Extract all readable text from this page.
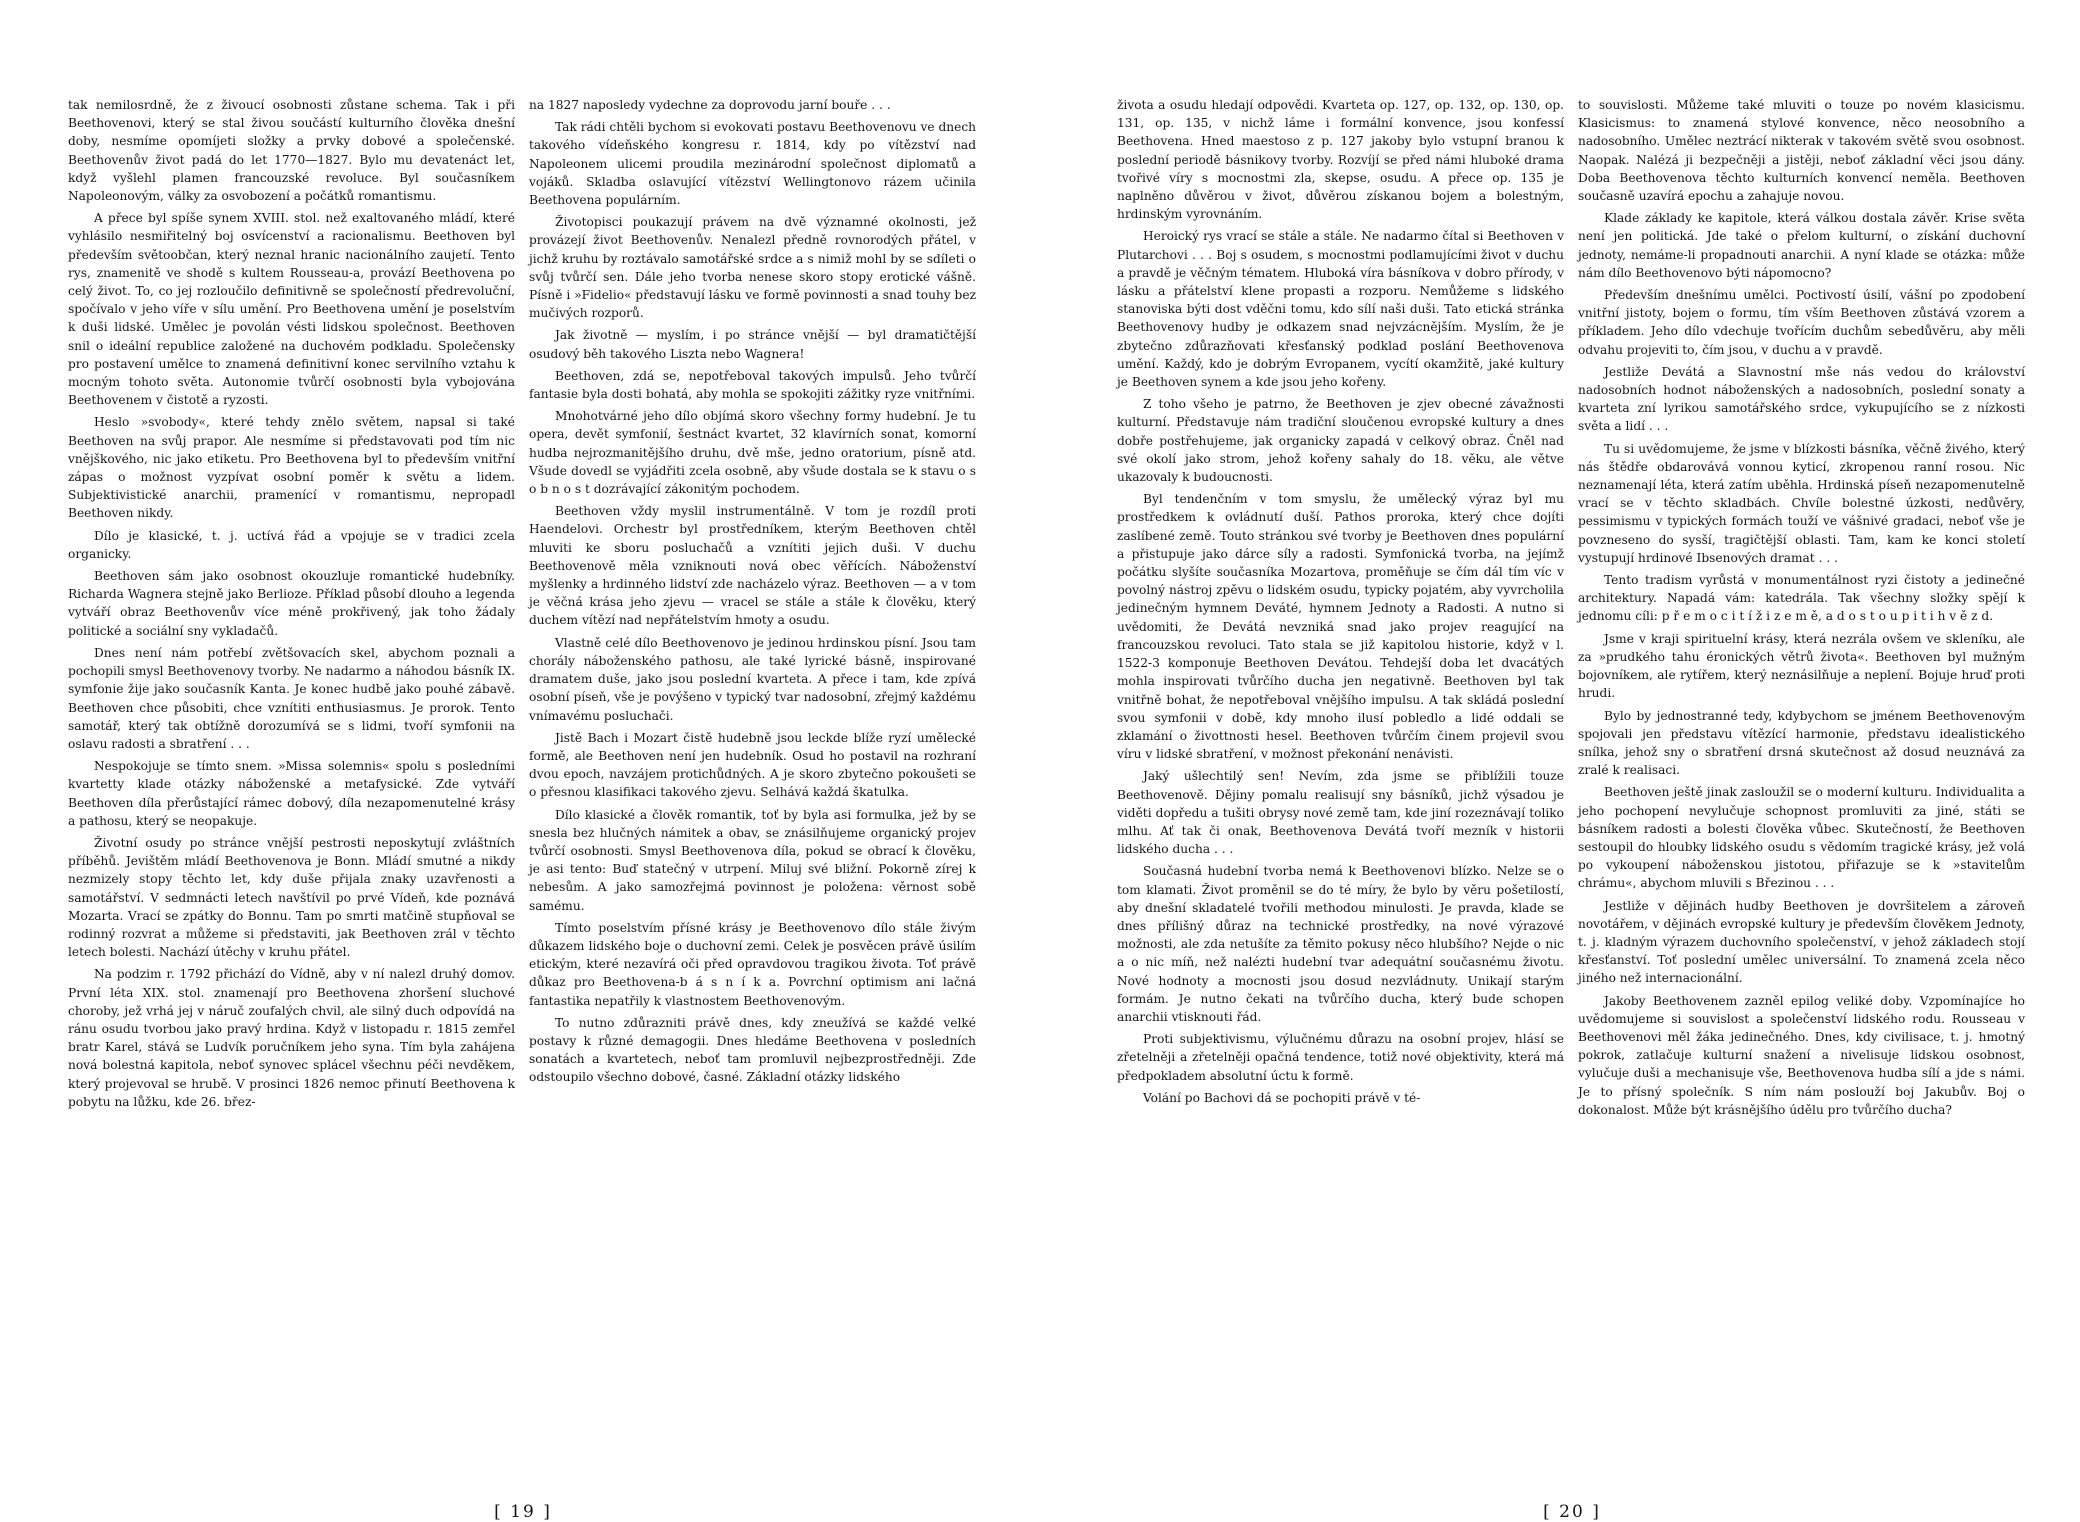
tak nemilosrdně, že z živoucí osobnosti zůstane schema. Tak i při Beethovenovi, který se stal živou součástí kulturního člověka dnešní doby, nesmíme opomíjeti složky a prvky dobové a společenské. Beethovenův život padá do let 1770—1827. Bylo mu devatenáct let, když vyšlehl plamen francouzské revoluce. Byl současníkem Napoleonovým, války za osvobození a počátků romantismu.

A přece byl spíše synem XVIII. stol. než exaltovaného mládí, které vyhlásilo nesmiřitelný boj osvícenství a racionalismu. Beethoven byl především světoobčan, který neznal hranic nacionálního zaujetí. Tento rys, znamenitě ve shodě s kultem Rousseau-a, provází Beethovena po celý život. To, co jej rozloučilo definitivně se společností předrevoluční, spočívalo v jeho víře v sílu umění. Pro Beethovena umění je poselstvím k duši lidské. Umělec je povolán vésti lidskou společnost. Beethoven snil o ideální republice založené na duchovém podkladu. Společensky pro postavení umělce to znamená definitivní konec servilního vztahu k mocným tohoto světa. Autonomie tvůrčí osobnosti byla vybojována Beethovenem v čistotě a ryzosti.

Heslo »svobody«, které tehdy znělo světem, napsal si také Beethoven na svůj prapor. Ale nesmíme si představovati pod tím nic vnějškového, nic jako etiketu. Pro Beethovena byl to především vnitřní zápas o možnost vyzpívat osobní poměr k světu a lidem. Subjektivistické anarchii, pramenící v romantismu, nepropadl Beethoven nikdy.

Dílo je klasické, t. j. uctívá řád a vpojuje se v tradici zcela organicky.

Beethoven sám jako osobnost okouzluje romantické hudebníky. Richarda Wagnera stejně jako Berlioze. Příklad působí dlouho a legenda vytváří obraz Beethovenův více méně prokřivený, jak toho žádaly politické a sociální sny vykladačů.

Dnes není nám potřebí zvětšovacích skel, abychom poznali a pochopili smysl Beethovenovy tvorby. Ne nadarmo a náhodou básník IX. symfonie žije jako současník Kanta. Je konec hudbě jako pouhé zábavě. Beethoven chce působiti, chce vznítiti enthusiasmus. Je prorok. Tento samotář, který tak obtížně dorozumívá se s lidmi, tvoří symfonii na oslavu radosti a sbratření . . .

Nespokojuje se tímto snem. »Missa solemnis« spolu s posledními kvartetty klade otázky náboženské a metafysické. Zde vytváří Beethoven díla přerůstající rámec dobový, díla nezapomenutelné krásy a pathosu, který se neopakuje.

Životní osudy po stránce vnější pestrosti neposkytují zvláštních příběhů. Jevištěm mládí Beethovenova je Bonn. Mládí smutné a nikdy nezmizely stopy těchto let, kdy duše přijala znaky uzavřenosti a samotářství. V sedmnácti letech navštívil po prvé Vídeň, kde poznává Mozarta. Vrací se zpátky do Bonnu. Tam po smrti matčině stupňoval se rodinný rozvrat a můžeme si představiti, jak Beethoven zrál v těchto letech bolesti. Nachází útěchy v kruhu přátel.

Na podzim r. 1792 přichází do Vídně, aby v ní nalezl druhý domov. První léta XIX. stol. znamenají pro Beethovena zhoršení sluchové choroby, jež vrhá jej v náruč zoufalých chvil, ale silný duch odpovídá na ránu osudu tvorbou jako pravý hrdina. Když v listopadu r. 1815 zemřel bratr Karel, stává se Ludvík poručníkem jeho syna. Tím byla zahájena nová bolestná kapitola, neboť synovec splácel všechnu péči nevděkem, který projevoval se hrubě. V prosinci 1826 nemoc přinutí Beethovena k pobytu na lůžku, kde 26. břez-

na 1827 naposledy vydechne za doprovodu jarní bouře . . .

Tak rádi chtěli bychom si evokovati postavu Beethovenovu ve dnech takového vídeňského kongresu r. 1814, kdy po vítězství nad Napoleonem ulicemi proudila mezinárodní společnost diplomatů a vojáků. Skladba oslavující vítězství Wellingtonovo rázem učinila Beethovena populárním.

Životopisci poukazují právem na dvě významné okolnosti, jež provázejí život Beethovenův. Nenalezl předně rovnorodých přátel, v jichž kruhu by roztávalo samotářské srdce a s nimiž mohl by se sdíleti o svůj tvůrčí sen. Dále jeho tvorba nenese skoro stopy erotické vášně. Písně i »Fidelio« představují lásku ve formě povinnosti a snad touhy bez mučivých rozporů.

Jak životně — myslím, i po stránce vnější — byl dramatičtější osudový běh takového Liszta nebo Wagnera!

Beethoven, zdá se, nepotřeboval takových impulsů. Jeho tvůrčí fantasie byla dosti bohatá, aby mohla se spokojiti zážitky ryze vnitřními.

Mnohotvárné jeho dílo objímá skoro všechny formy hudební. Je tu opera, devět symfonií, šestnáct kvartet, 32 klavírních sonat, komorní hudba nejrozmanitějšího druhu, dvě mše, jedno oratorium, písně atd. Všude dovedl se vyjádřiti zcela osobně, aby všude dostala se k stavu o s o b n o s t dozrávající zákonitým pochodem.

Beethoven vždy myslil instrumentálně. V tom je rozdíl proti Haendelovi. Orchestr byl prostředníkem, kterým Beethoven chtěl mluviti ke sboru posluchačů a vznítiti jejich duši. V duchu Beethovenově měla vzniknouti nová obec věřících. Náboženství myšlenky a hrdinného lidství zde nacházelo výraz. Beethoven — a v tom je věčná krása jeho zjevu — vracel se stále a stále k člověku, který duchem vítězí nad nepřátelstvím hmoty a osudu.

Vlastně celé dílo Beethovenovo je jedinou hrdinskou písní. Jsou tam chorály náboženského pathosu, ale také lyrické básně, inspirované dramatem duše, jako jsou poslední kvarteta. A přece i tam, kde zpívá osobní píseň, vše je povýšeno v typický tvar nadosobní, zřejmý každému vnímavému posluchači.

Jistě Bach i Mozart čistě hudebně jsou leckde blíže ryzí umělecké formě, ale Beethoven není jen hudebník. Osud ho postavil na rozhraní dvou epoch, navzájem protichůdných. A je skoro zbytečno pokoušeti se o přesnou klasifikaci takového zjevu. Selhává každá škatulka.

Dílo klasické a člověk romantik, toť by byla asi formulka, jež by se snesla bez hlučných námitek a obav, se znásilňujeme organický projev tvůrčí osobnosti. Smysl Beethovenova díla, pokud se obrací k člověku, je asi tento: Buď statečný v utrpení. Miluj své bližní. Pokorně zírej k nebesům. A jako samozřejmá povinnost je položena: věrnost sobě samému.

Tímto poselstvím přísné krásy je Beethovenovo dílo stále živým důkazem lidského boje o duchovní zemi. Celek je posvěcen právě úsilím etickým, které nezavírá oči před opravdovou tragikou života. Toť právě důkaz pro Beethovena-b á s n í k a. Povrchní optimism ani lačná fantastika nepatřily k vlastnostem Beethovenovým.

To nutno zdůrazniti právě dnes, kdy zneužívá se každé velké postavy k různé demagogii. Dnes hledáme Beethovena v posledních sonatách a kvartetech, neboť tam promluvil nejbezprostředněji. Zde odstoupilo všechno dobové, časné. Základní otázky lidského

[ 19 ]

života a osudu hledají odpovědi. Kvarteta op. 127, op. 132, op. 130, op. 131, op. 135, v nichž láme i formální konvence, jsou konfessí Beethovena. Hned maestoso z p. 127 jakoby bylo vstupní branou k poslední periodě básnikovy tvorby. Rozvíjí se před námi hluboké drama tvořivé víry s mocnostmi zla, skepse, osudu. A přece op. 135 je naplněno důvěrou v život, důvěrou získanou bojem a bolestným, hrdinským vyrovnáním.

Heroický rys vrací se stále a stále. Ne nadarmo čítal si Beethoven v Plutarchovi . . . Boj s osudem, s mocnostmi podlamujícími život v duchu a pravdě je věčným tématem. Hluboká víra básníkova v dobro přírody, v lásku a přátelství klene propasti a rozporu. Nemůžeme s lidského stanoviska býti dost vděčni tomu, kdo sílí naši duši. Tato etická stránka Beethovenovy hudby je odkazem snad nejvzácnějším. Myslím, že je zbytečno zdůrazňovati křesťanský podklad poslání Beethovenova umění. Každý, kdo je dobrým Evropanem, vycítí okamžitě, jaké kultury je Beethoven synem a kde jsou jeho kořeny.

Z toho všeho je patrno, že Beethoven je zjev obecné závažnosti kulturní. Představuje nám tradiční sloučenou evropské kultury a dnes dobře postřehujeme, jak organicky zapadá v celkový obraz. Čněl nad své okolí jako strom, jehož kořeny sahaly do 18. věku, ale větve ukazovaly k budoucnosti.

Byl tendenčním v tom smyslu, že umělecký výraz byl mu prostředkem k ovládnutí duší. Pathos proroka, který chce dojíti zaslíbené země. Touto stránkou své tvorby je Beethoven dnes populární a přistupuje jako dárce síly a radosti. Symfonická tvorba, na jejímž počátku slyšíte současníka Mozartova, proměňuje se čím dál tím víc v povolný nástroj zpěvu o lidském osudu, typicky pojatém, aby vyvrcholila jedinečným hymnem Deváté, hymnem Jednoty a Radosti. A nutno si uvědomiti, že Devátá nevzniká snad jako projev reagující na francouzskou revoluci. Tato stala se již kapitolou historie, když v l. 1522-3 komponuje Beethoven Devátou. Tehdejší doba let dvacátých mohla inspirovati tvůrčího ducha jen negativně. Beethoven byl tak vnitřně bohat, že nepotřeboval vnějšího impulsu. A tak skládá poslední svou symfonii v době, kdy mnoho ilusí pobledlo a lidé oddali se zklamání o živottnosti hesel. Beethoven tvůrčím činem projevil svou víru v lidské sbratření, v možnost překonání nenávisti.

Jaký ušlechtilý sen! Nevím, zda jsme se přiblížili touze Beethovenově. Dějiny pomalu realisují sny básníků, jichž výsadou je viděti dopředu a tušiti obrysy nové země tam, kde jiní rozeznávají toliko mlhu. Ať tak či onak, Beethovenova Devátá tvoří mezník v historii lidského ducha . . .

Současná hudební tvorba nemá k Beethovenovi blízko. Nelze se o tom klamati. Život proměnil se do té míry, že bylo by věru pošetilostí, aby dnešní skladatelé tvořili methodou minulosti. Je pravda, klade se dnes přílišný důraz na technické prostředky, na nové výrazové možnosti, ale zda netušíte za těmito pokusy něco hlubšího? Nejde o nic a o nic míň, než nalézti hudební tvar adequátní současnému životu. Nové hodnoty a mocnosti jsou dosud nezvládnuty. Unikají starým formám. Je nutno čekati na tvůrčího ducha, který bude schopen anarchii vtisknouti řád.

Proti subjektivismu, výlučnému důrazu na osobní projev, hlásí se zřetelněji a zřetelněji opačná tendence, totiž nové objektivity, která má předpokladem absolutní úctu k formě.

Volání po Bachovi dá se pochopiti právě v té-

to souvislosti. Můžeme také mluviti o touze po novém klasicismu. Klasicismus: to znamená stylové konvence, něco neosobního a nadosobního. Umělec neztrácí nikterak v takovém světě svou osobnost. Naopak. Nalézá ji bezpečněji a jistěji, neboť základní věci jsou dány. Doba Beethovenova těchto kulturních konvencí neměla. Beethoven současně uzavírá epochu a zahajuje novou.

Klade základy ke kapitole, která válkou dostala závěr. Krise světa není jen politická. Jde také o přelom kulturní, o získání duchovní jednoty, nemáme-li propadnouti anarchii. A nyní klade se otázka: může nám dílo Beethovenovo býti nápomocno?

Především dnešnímu umělci. Poctivostí úsilí, vášní po zpodobení vnitřní jistoty, bojem o formu, tím vším Beethoven zůstává vzorem a příkladem. Jeho dílo vdechuje tvořícím duchům sebedůvěru, aby měli odvahu projeviti to, čím jsou, v duchu a v pravdě.

Jestliže Devátá a Slavnostní mše nás vedou do království nadosobních hodnot náboženských a nadosobních, poslední sonaty a kvarteta zní lyrikou samotářského srdce, vykupujícího se z nízkosti světa a lidí . . .

Tu si uvědomujeme, že jsme v blízkosti básníka, věčně živého, který nás štědře obdarovává vonnou kyticí, zkropenou ranní rosou. Nic neznamenají léta, která zatím uběhla. Hrdinská píseň nezapomenutelně vrací se v těchto skladbách. Chvíle bolestné úzkosti, nedůvěry, pessimismu v typických formách touží ve vášnivé gradaci, neboť vše je povzneseno do sysší, tragičtější oblasti. Tam, kam ke konci století vystupují hrdinové Ibsenových dramat . . .

Tento tradism vyrůstá v monumentálnost ryzi čistoty a jedinečné architektury. Napadá vám: katedrála. Tak všechny složky spějí k jednomu cíli: p ř e m o c i t í ž i z e m ě, a d o s t o u p i t i h v ě z d.

Jsme v kraji spirituelní krásy, která nezrála ovšem ve skleníku, ale za »prudkého tahu éronických větrů života«. Beethoven byl mužným bojovníkem, ale rytířem, který neznásilňuje a neplení. Bojuje hruď proti hrudi.

Bylo by jednostranné tedy, kdybychom se jménem Beethovenovým spojovali jen představu vítězící harmonie, představu idealistického snílka, jehož sny o sbratření drsná skutečnost až dosud neuznává za zralé k realisaci.

Beethoven ještě jinak zasloužil se o moderní kulturu. Individualita a jeho pochopení nevylučuje schopnost promluviti za jiné, státi se básníkem radosti a bolesti člověka vůbec. Skutečností, že Beethoven sestoupil do hloubky lidského osudu s vědomím tragické krásy, jež volá po vykoupení náboženskou jistotou, přiřazuje se k »stavitelům chrámu«, abychom mluvili s Březinou . . .

Jestliže v dějinách hudby Beethoven je dovršitelem a zároveň novotářem, v dějinách evropské kultury je především člověkem Jednoty, t. j. kladným výrazem duchovního společenství, v jehož základech stojí křesťanství. Toť poslední umělec universální. To znamená zcela něco jiného než internacionální.

Jakoby Beethovenem zazněl epilog veliké doby. Vzpomínajíce ho uvědomujeme si souvislost a společenství lidského rodu. Rousseau v Beethovenovi měl žáka jedinečného. Dnes, kdy civilisace, t. j. hmotný pokrok, zatlačuje kulturní snažení a nivelisuje lidskou osobnost, vylučuje duši a mechanisuje vše, Beethovenova hudba sílí a jde s námi. Je to přísný společník. S ním nám poslouží boj Jakubův. Boj o dokonalost. Může být krásnějšího údělu pro tvůrčího ducha?

[ 20 ]
